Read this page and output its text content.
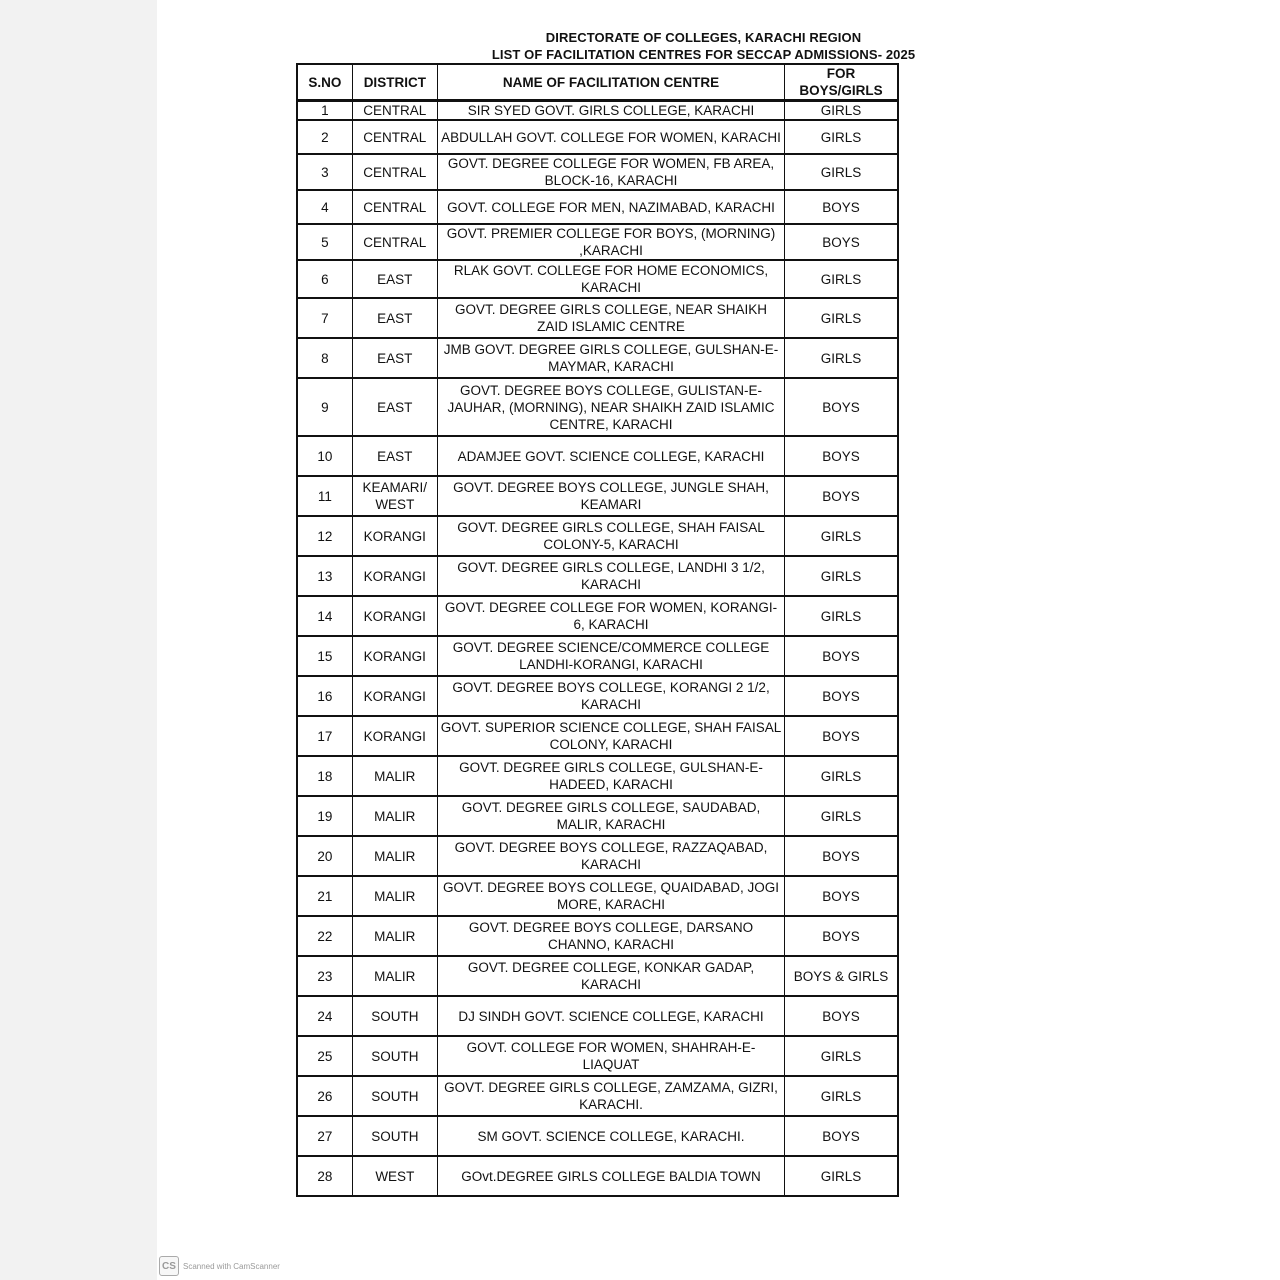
DIRECTORATE OF COLLEGES, KARACHI REGION
LIST OF FACILITATION CENTRES FOR SECCAP ADMISSIONS- 2025
S.NO	DISTRICT	NAME OF FACILITATION CENTRE	FOR BOYS/GIRLS
1	CENTRAL	SIR SYED GOVT. GIRLS COLLEGE, KARACHI	GIRLS
2	CENTRAL	ABDULLAH GOVT. COLLEGE FOR WOMEN, KARACHI	GIRLS
3	CENTRAL	GOVT. DEGREE COLLEGE FOR WOMEN, FB AREA, BLOCK-16, KARACHI	GIRLS
4	CENTRAL	GOVT. COLLEGE FOR MEN, NAZIMABAD, KARACHI	BOYS
5	CENTRAL	GOVT. PREMIER COLLEGE FOR BOYS, (MORNING) ,KARACHI	BOYS
6	EAST	RLAK GOVT. COLLEGE FOR HOME ECONOMICS, KARACHI	GIRLS
7	EAST	GOVT. DEGREE GIRLS COLLEGE, NEAR SHAIKH ZAID ISLAMIC CENTRE	GIRLS
8	EAST	JMB GOVT. DEGREE GIRLS COLLEGE, GULSHAN-E-MAYMAR, KARACHI	GIRLS
9	EAST	GOVT. DEGREE BOYS COLLEGE, GULISTAN-E-JAUHAR, (MORNING), NEAR SHAIKH ZAID ISLAMIC CENTRE, KARACHI	BOYS
10	EAST	ADAMJEE GOVT. SCIENCE COLLEGE, KARACHI	BOYS
11	KEAMARI/ WEST	GOVT. DEGREE BOYS COLLEGE, JUNGLE SHAH, KEAMARI	BOYS
12	KORANGI	GOVT. DEGREE GIRLS COLLEGE, SHAH FAISAL COLONY-5, KARACHI	GIRLS
13	KORANGI	GOVT. DEGREE GIRLS COLLEGE, LANDHI 3 1/2, KARACHI	GIRLS
14	KORANGI	GOVT. DEGREE COLLEGE FOR WOMEN, KORANGI-6, KARACHI	GIRLS
15	KORANGI	GOVT. DEGREE SCIENCE/COMMERCE COLLEGE LANDHI-KORANGI, KARACHI	BOYS
16	KORANGI	GOVT. DEGREE BOYS COLLEGE, KORANGI 2 1/2, KARACHI	BOYS
17	KORANGI	GOVT. SUPERIOR SCIENCE COLLEGE, SHAH FAISAL COLONY, KARACHI	BOYS
18	MALIR	GOVT. DEGREE GIRLS COLLEGE, GULSHAN-E-HADEED, KARACHI	GIRLS
19	MALIR	GOVT. DEGREE GIRLS COLLEGE, SAUDABAD, MALIR, KARACHI	GIRLS
20	MALIR	GOVT. DEGREE BOYS COLLEGE, RAZZAQABAD, KARACHI	BOYS
21	MALIR	GOVT. DEGREE BOYS COLLEGE, QUAIDABAD, JOGI MORE, KARACHI	BOYS
22	MALIR	GOVT. DEGREE BOYS COLLEGE, DARSANO CHANNO, KARACHI	BOYS
23	MALIR	GOVT. DEGREE COLLEGE, KONKAR GADAP, KARACHI	BOYS & GIRLS
24	SOUTH	DJ SINDH GOVT. SCIENCE COLLEGE, KARACHI	BOYS
25	SOUTH	GOVT. COLLEGE FOR WOMEN, SHAHRAH-E-LIAQUAT	GIRLS
26	SOUTH	GOVT. DEGREE GIRLS COLLEGE, ZAMZAMA, GIZRI, KARACHI.	GIRLS
27	SOUTH	SM GOVT. SCIENCE COLLEGE, KARACHI.	BOYS
28	WEST	GOvt.DEGREE GIRLS COLLEGE BALDIA TOWN	GIRLS
CS Scanned with CamScanner
